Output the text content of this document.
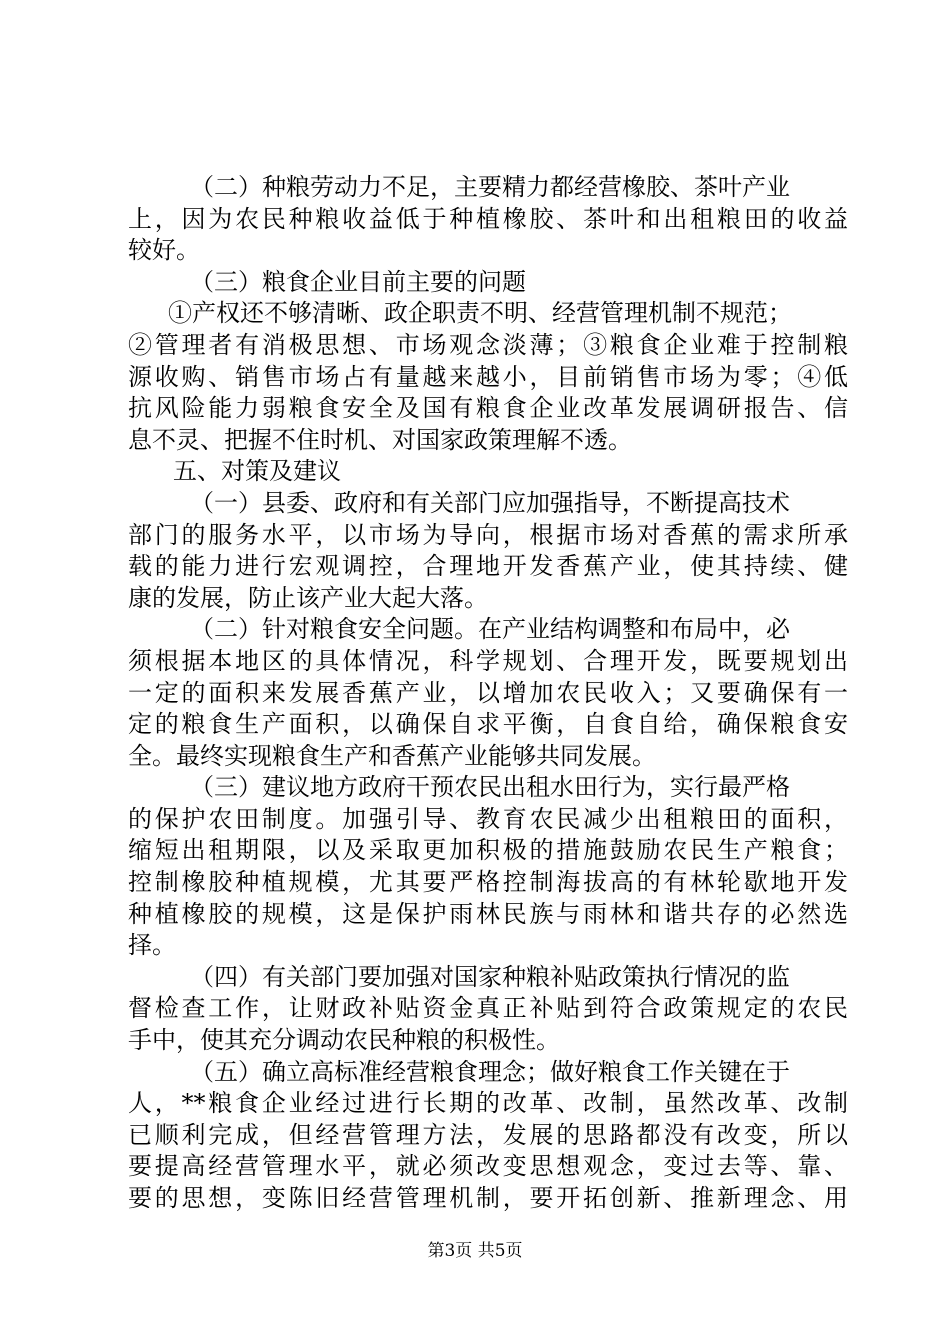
（二）种粮劳动力不足，主要精力都经营橡胶、茶叶产业
上，因为农民种粮收益低于种植橡胶、茶叶和出租粮田的收益
较好。
（三）粮食企业目前主要的问题
①产权还不够清晰、政企职责不明、经营管理机制不规范；
②管理者有消极思想、市场观念淡薄；③粮食企业难于控制粮
源收购、销售市场占有量越来越小，目前销售市场为零；④低
抗风险能力弱粮食安全及国有粮食企业改革发展调研报告、信
息不灵、把握不住时机、对国家政策理解不透。
五、对策及建议
（一）县委、政府和有关部门应加强指导，不断提高技术
部门的服务水平，以市场为导向，根据市场对香蕉的需求所承
载的能力进行宏观调控，合理地开发香蕉产业，使其持续、健
康的发展，防止该产业大起大落。
（二）针对粮食安全问题。在产业结构调整和布局中，必
须根据本地区的具体情况，科学规划、合理开发，既要规划出
一定的面积来发展香蕉产业，以增加农民收入；又要确保有一
定的粮食生产面积，以确保自求平衡，自食自给，确保粮食安
全。最终实现粮食生产和香蕉产业能够共同发展。
（三）建议地方政府干预农民出租水田行为，实行最严格
的保护农田制度。加强引导、教育农民减少出租粮田的面积，
缩短出租期限，以及采取更加积极的措施鼓励农民生产粮食；
控制橡胶种植规模，尤其要严格控制海拔高的有林轮歇地开发
种植橡胶的规模，这是保护雨林民族与雨林和谐共存的必然选
择。
（四）有关部门要加强对国家种粮补贴政策执行情况的监
督检查工作，让财政补贴资金真正补贴到符合政策规定的农民
手中，使其充分调动农民种粮的积极性。
（五）确立高标准经营粮食理念；做好粮食工作关键在于
人，**粮食企业经过进行长期的改革、改制，虽然改革、改制
已顺利完成，但经营管理方法，发展的思路都没有改变，所以
要提高经营管理水平，就必须改变思想观念，变过去等、靠、
要的思想，变陈旧经营管理机制，要开拓创新、推新理念、用
第3页 共5页
